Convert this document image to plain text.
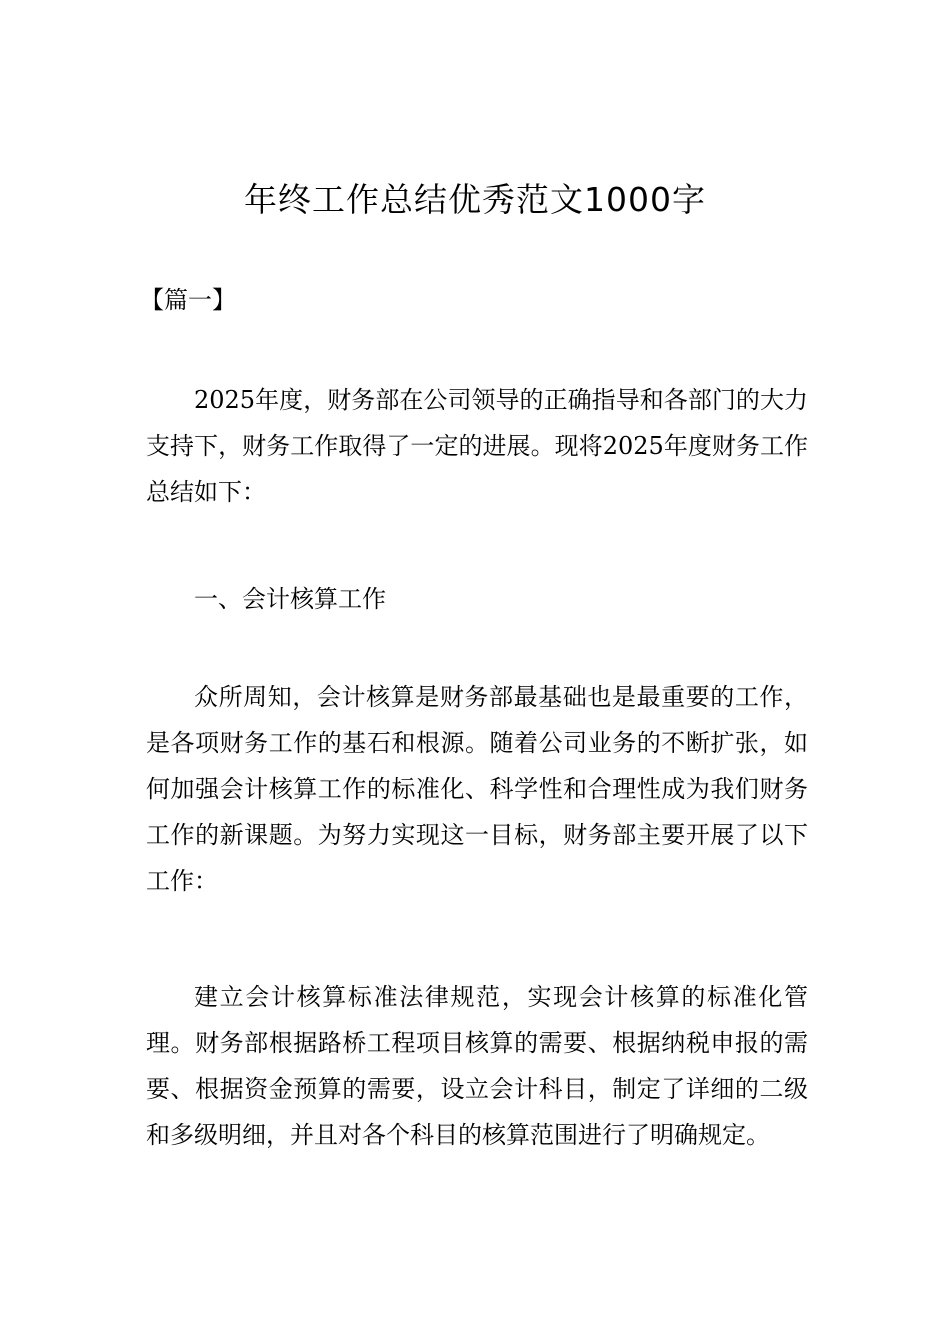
年终工作总结优秀范文1000字
【篇一】

2025年度，财务部在公司领导的正确指导和各部门的大力支持下，财务工作取得了一定的进展。现将2025年度财务工作总结如下：

一、会计核算工作

众所周知，会计核算是财务部最基础也是最重要的工作，是各项财务工作的基石和根源。随着公司业务的不断扩张，如何加强会计核算工作的标准化、科学性和合理性成为我们财务工作的新课题。为努力实现这一目标，财务部主要开展了以下工作：

建立会计核算标准法律规范，实现会计核算的标准化管理。财务部根据路桥工程项目核算的需要、根据纳税申报的需要、根据资金预算的需要，设立会计科目，制定了详细的二级和多级明细，并且对各个科目的核算范围进行了明确规定。
